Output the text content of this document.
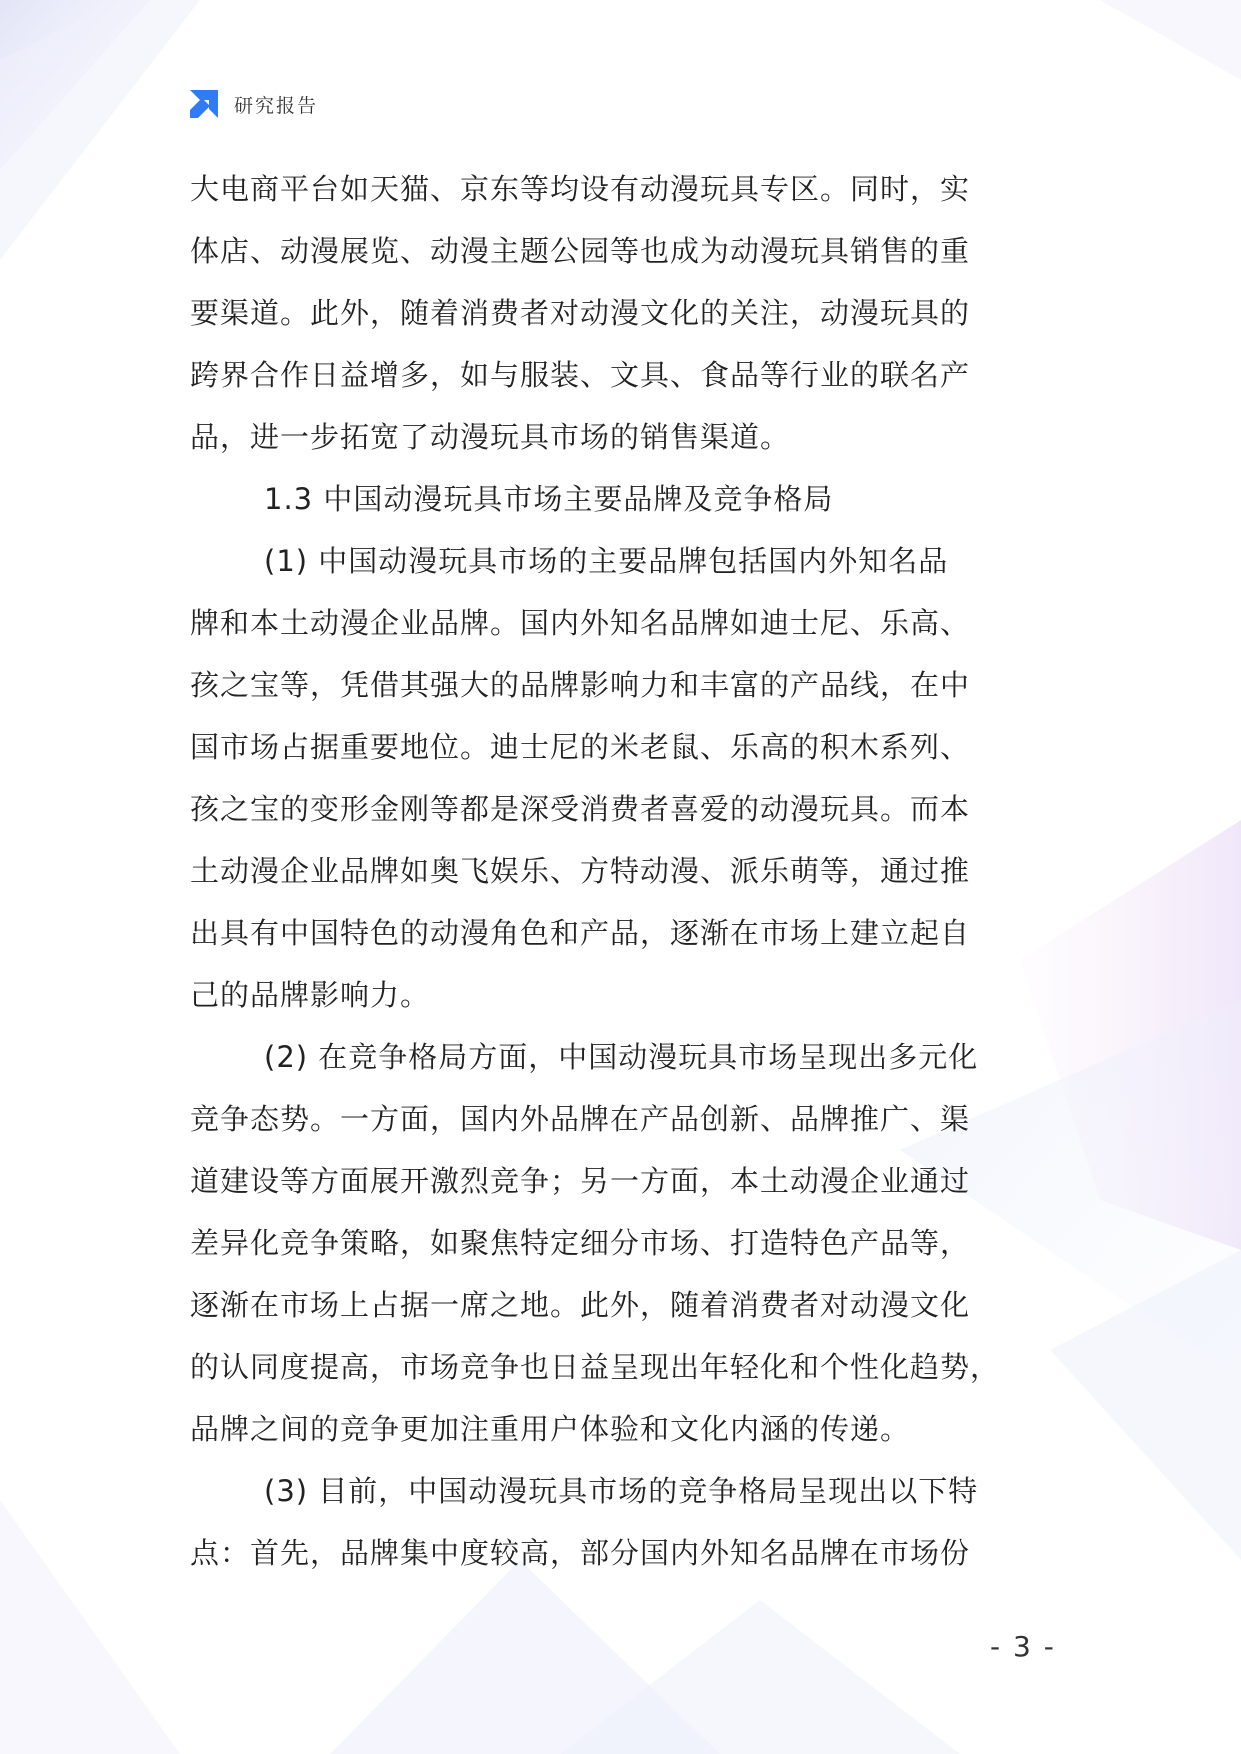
研究报告
大电商平台如天猫、京东等均设有动漫玩具专区。同时，实
体店、动漫展览、动漫主题公园等也成为动漫玩具销售的重
要渠道。此外，随着消费者对动漫文化的关注，动漫玩具的
跨界合作日益增多，如与服装、文具、食品等行业的联名产
品，进一步拓宽了动漫玩具市场的销售渠道。
1.3 中国动漫玩具市场主要品牌及竞争格局
(1) 中国动漫玩具市场的主要品牌包括国内外知名品
牌和本土动漫企业品牌。国内外知名品牌如迪士尼、乐高、
孩之宝等，凭借其强大的品牌影响力和丰富的产品线，在中
国市场占据重要地位。迪士尼的米老鼠、乐高的积木系列、
孩之宝的变形金刚等都是深受消费者喜爱的动漫玩具。而本
土动漫企业品牌如奥飞娱乐、方特动漫、派乐萌等，通过推
出具有中国特色的动漫角色和产品，逐渐在市场上建立起自
己的品牌影响力。
(2) 在竞争格局方面，中国动漫玩具市场呈现出多元化
竞争态势。一方面，国内外品牌在产品创新、品牌推广、渠
道建设等方面展开激烈竞争；另一方面，本土动漫企业通过
差异化竞争策略，如聚焦特定细分市场、打造特色产品等，
逐渐在市场上占据一席之地。此外，随着消费者对动漫文化
的认同度提高，市场竞争也日益呈现出年轻化和个性化趋势，
品牌之间的竞争更加注重用户体验和文化内涵的传递。
(3) 目前，中国动漫玩具市场的竞争格局呈现出以下特
点：首先，品牌集中度较高，部分国内外知名品牌在市场份
- 3 -
